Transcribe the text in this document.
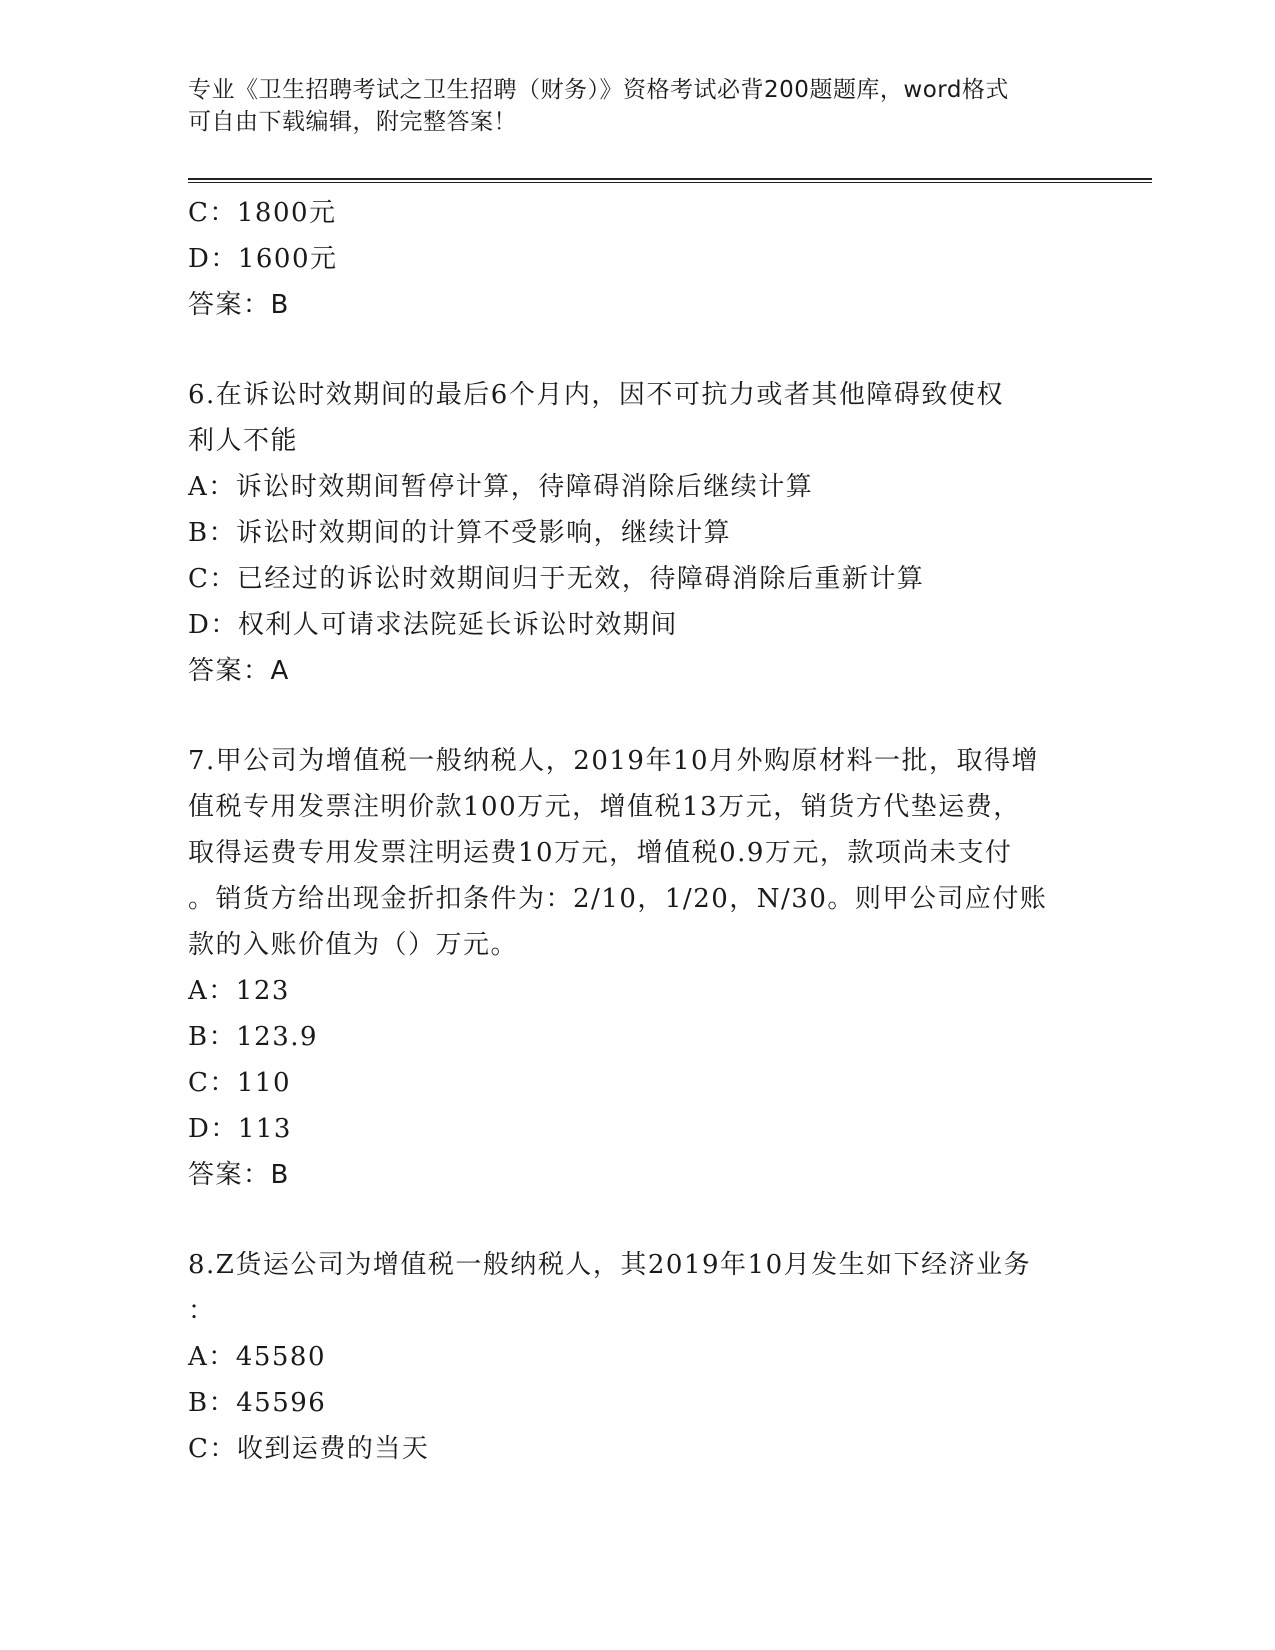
专业《卫生招聘考试之卫生招聘（财务）》资格考试必背200题题库，word格式
可自由下载编辑，附完整答案！
C：1800元
D：1600元
答案：B
6.在诉讼时效期间的最后6个月内，因不可抗力或者其他障碍致使权
利人不能
A：诉讼时效期间暂停计算，待障碍消除后继续计算
B：诉讼时效期间的计算不受影响，继续计算
C：已经过的诉讼时效期间归于无效，待障碍消除后重新计算
D：权利人可请求法院延长诉讼时效期间
答案：A
7.甲公司为增值税一般纳税人，2019年10月外购原材料一批，取得增
值税专用发票注明价款100万元，增值税13万元，销货方代垫运费，
取得运费专用发票注明运费10万元，增值税0.9万元，款项尚未支付
。销货方给出现金折扣条件为：2/10，1/20，N/30。则甲公司应付账
款的入账价值为（）万元。
A：123
B：123.9
C：110
D：113
答案：B
8.Z货运公司为增值税一般纳税人，其2019年10月发生如下经济业务
：
A：45580
B：45596
C：收到运费的当天
